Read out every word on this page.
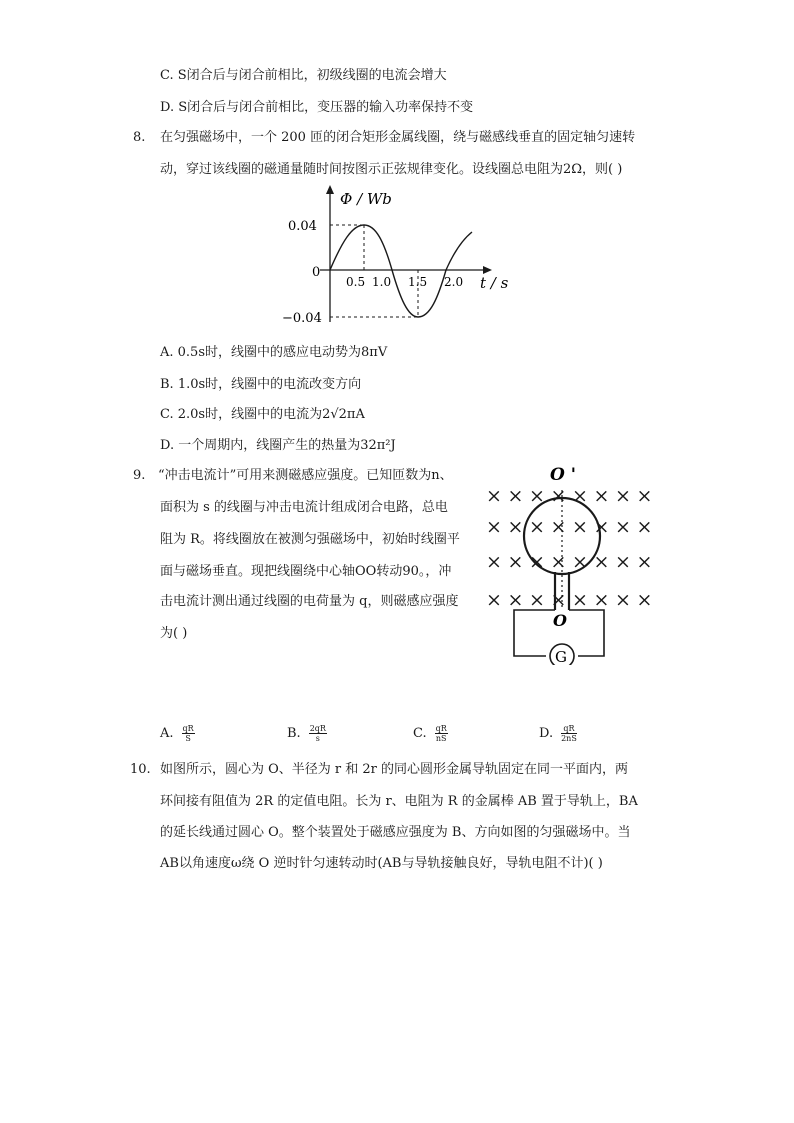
C. S闭合后与闭合前相比，初级线圈的电流会增大
D. S闭合后与闭合前相比，变压器的输入功率保持不变
8. 在匀强磁场中，一个 200 匝的闭合矩形金属线圈，绕与磁感线垂直的固定轴匀速转
动，穿过该线圈的磁通量随时间按图示正弦规律变化。设线圈总电阻为2Ω，则( )
Φ / Wb
0.04
0
−0.04
0.5 1.0 1.5 2.0 t / s
A. 0.5s时，线圈中的感应电动势为8πV
B. 1.0s时，线圈中的电流改变方向
C. 2.0s时，线圈中的电流为2√2πA
D. 一个周期内，线圈产生的热量为32π²J
9. “冲击电流计”可用来测磁感应强度。已知匝数为n、
面积为 s 的线圈与冲击电流计组成闭合电路，总电
阻为 R。将线圈放在被测匀强磁场中，初始时线圈平
面与磁场垂直。现把线圈绕中心轴OO转动90。，冲
击电流计测出通过线圈的电荷量为 q，则磁感应强度
为( )
O '
× × × × × × × ×
× × × × × × × ×
× × × × × × × ×
× × × × × × × ×
O
G
A. $\frac{qR}{S}$	B. $\frac{2qR}{s}$	C. $\frac{qR}{nS}$	D. $\frac{qR}{2nS}$
10. 如图所示，圆心为 O、半径为 r 和 2r 的同心圆形金属导轨固定在同一平面内，两
环间接有阻值为 2R 的定值电阻。长为 r、电阻为 R 的金属棒 AB 置于导轨上，BA
的延长线通过圆心 O。整个装置处于磁感应强度为 B、方向如图的匀强磁场中。当
AB以角速度ω绕 O 逆时针匀速转动时(AB与导轨接触良好，导轨电阻不计)( )
